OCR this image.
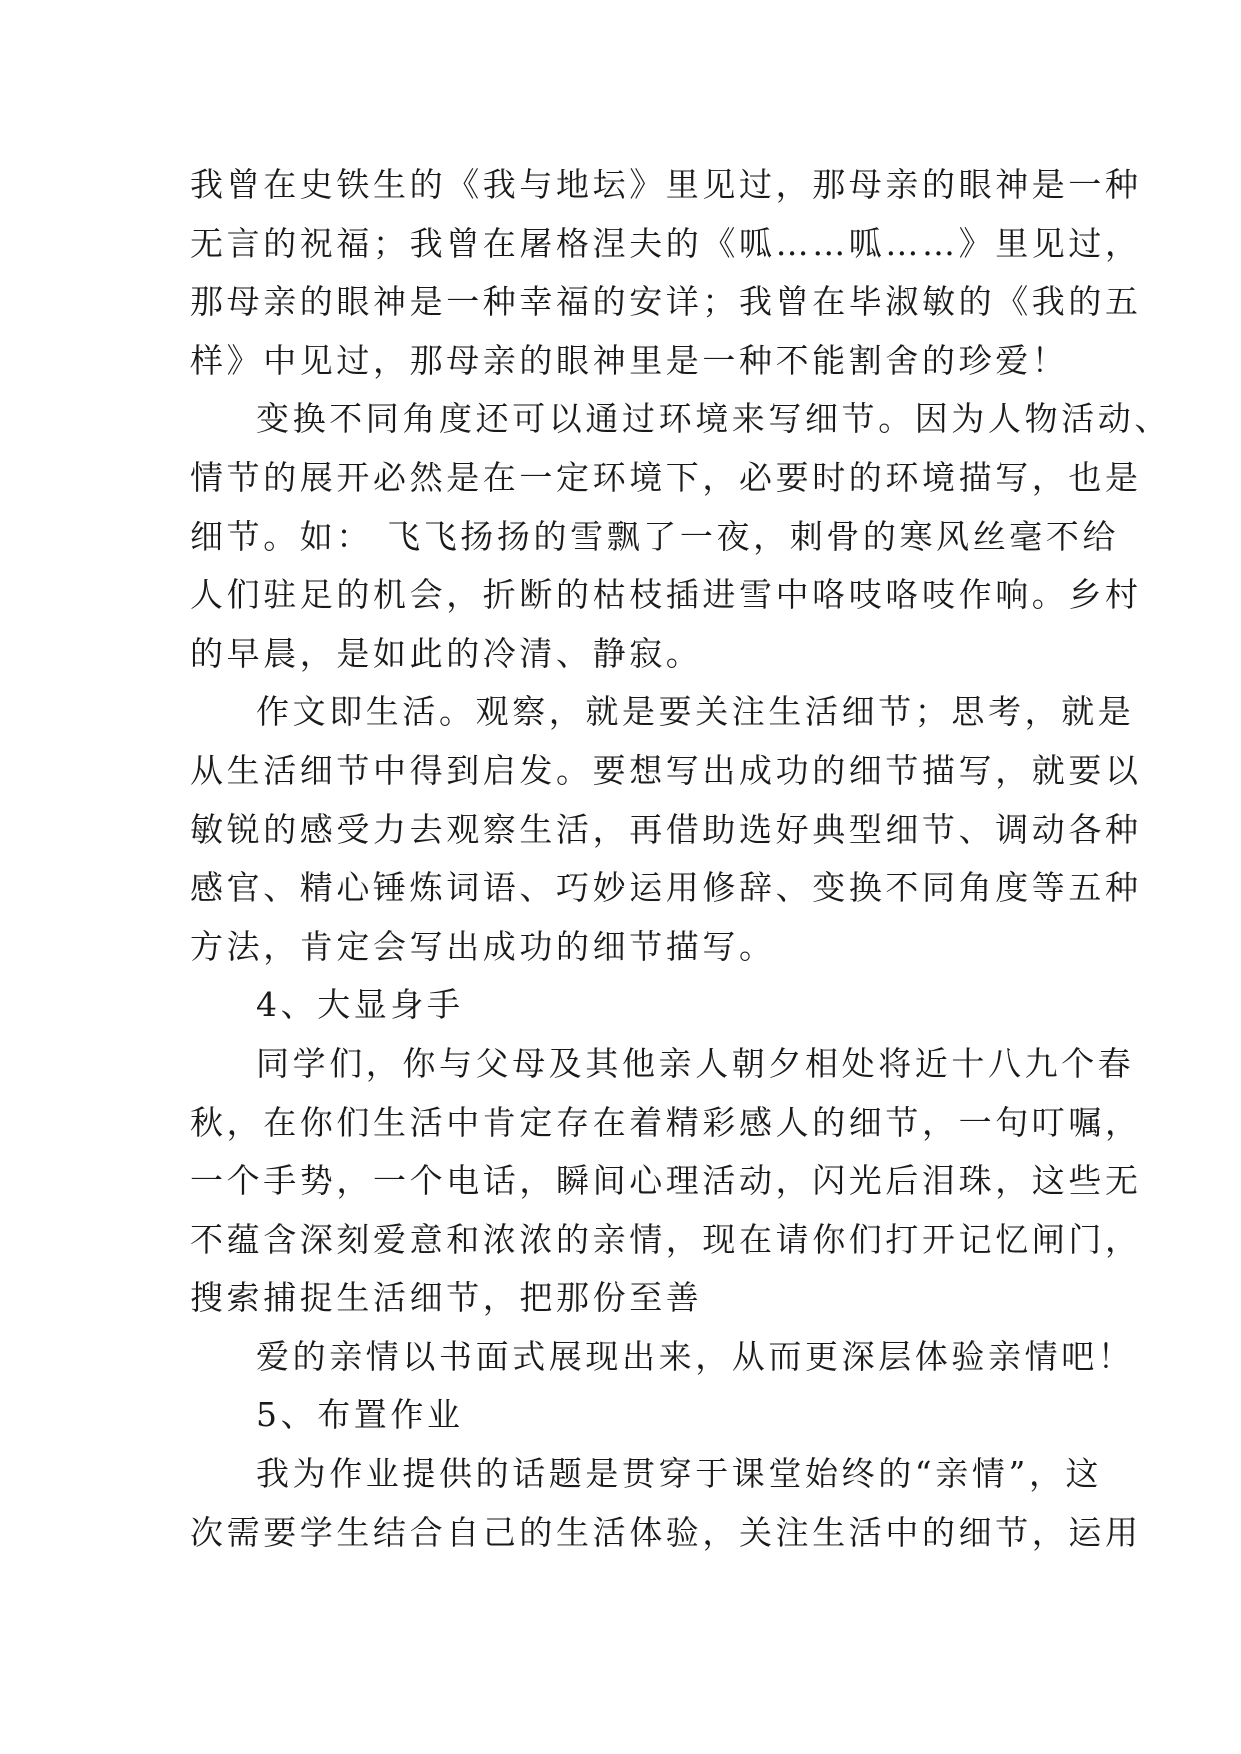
我曾在史铁生的《我与地坛》里见过，那母亲的眼神是一种
无言的祝福；我曾在屠格涅夫的《呱……呱……》里见过，
那母亲的眼神是一种幸福的安详；我曾在毕淑敏的《我的五
样》中见过，那母亲的眼神里是一种不能割舍的珍爱！
变换不同角度还可以通过环境来写细节。因为人物活动、
情节的展开必然是在一定环境下，必要时的环境描写，也是
细节。如： 飞飞扬扬的雪飘了一夜，刺骨的寒风丝毫不给
人们驻足的机会，折断的枯枝插进雪中咯吱咯吱作响。乡村
的早晨，是如此的冷清、静寂。
作文即生活。观察，就是要关注生活细节；思考，就是
从生活细节中得到启发。要想写出成功的细节描写，就要以
敏锐的感受力去观察生活，再借助选好典型细节、调动各种
感官、精心锤炼词语、巧妙运用修辞、变换不同角度等五种
方法，肯定会写出成功的细节描写。
4、大显身手
同学们，你与父母及其他亲人朝夕相处将近十八九个春
秋，在你们生活中肯定存在着精彩感人的细节，一句叮嘱，
一个手势，一个电话，瞬间心理活动，闪光后泪珠，这些无
不蕴含深刻爱意和浓浓的亲情，现在请你们打开记忆闸门，
搜索捕捉生活细节，把那份至善
爱的亲情以书面式展现出来，从而更深层体验亲情吧！
5、布置作业
我为作业提供的话题是贯穿于课堂始终的“亲情”，这
次需要学生结合自己的生活体验，关注生活中的细节，运用
